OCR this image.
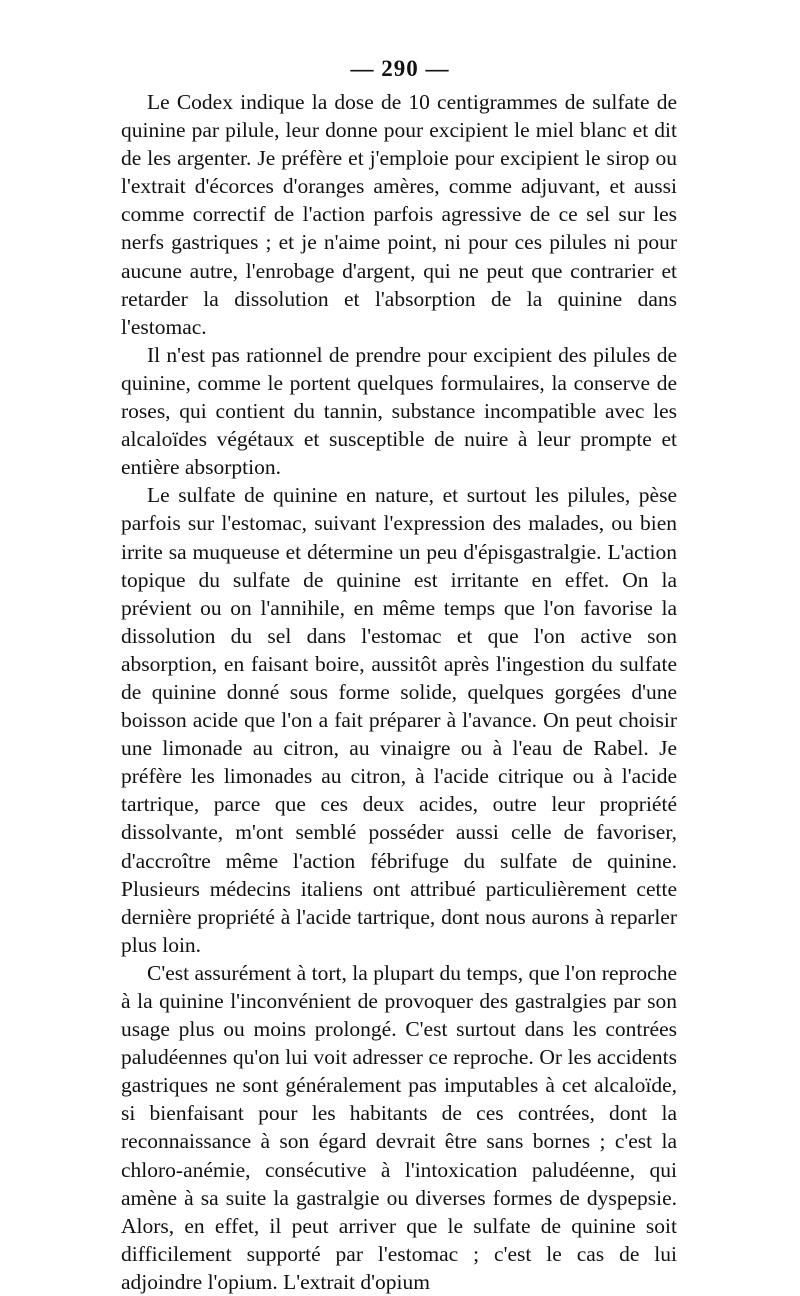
— 290 —

Le Codex indique la dose de 10 centigrammes de sulfate de quinine par pilule, leur donne pour excipient le miel blanc et dit de les argenter. Je préfère et j'emploie pour excipient le sirop ou l'extrait d'écorces d'oranges amères, comme adjuvant, et aussi comme correctif de l'action parfois agressive de ce sel sur les nerfs gastriques ; et je n'aime point, ni pour ces pilules ni pour aucune autre, l'enrobage d'argent, qui ne peut que contrarier et retarder la dissolution et l'absorption de la quinine dans l'estomac.

Il n'est pas rationnel de prendre pour excipient des pilules de quinine, comme le portent quelques formulaires, la conserve de roses, qui contient du tannin, substance incompatible avec les alcaloïdes végétaux et susceptible de nuire à leur prompte et entière absorption.

Le sulfate de quinine en nature, et surtout les pilules, pèse parfois sur l'estomac, suivant l'expression des malades, ou bien irrite sa muqueuse et détermine un peu d'épisgastralgie. L'action topique du sulfate de quinine est irritante en effet. On la prévient ou on l'annihile, en même temps que l'on favorise la dissolution du sel dans l'estomac et que l'on active son absorption, en faisant boire, aussitôt après l'ingestion du sulfate de quinine donné sous forme solide, quelques gorgées d'une boisson acide que l'on a fait préparer à l'avance. On peut choisir une limonade au citron, au vinaigre ou à l'eau de Rabel. Je préfère les limonades au citron, à l'acide citrique ou à l'acide tartrique, parce que ces deux acides, outre leur propriété dissolvante, m'ont semblé posséder aussi celle de favoriser, d'accroître même l'action fébrifuge du sulfate de quinine. Plusieurs médecins italiens ont attribué particulièrement cette dernière propriété à l'acide tartrique, dont nous aurons à reparler plus loin.

C'est assurément à tort, la plupart du temps, que l'on reproche à la quinine l'inconvénient de provoquer des gastralgies par son usage plus ou moins prolongé. C'est surtout dans les contrées paludéennes qu'on lui voit adresser ce reproche. Or les accidents gastriques ne sont généralement pas imputables à cet alcaloïde, si bienfaisant pour les habitants de ces contrées, dont la reconnaissance à son égard devrait être sans bornes ; c'est la chloro-anémie, consécutive à l'intoxication paludéenne, qui amène à sa suite la gastralgie ou diverses formes de dyspepsie. Alors, en effet, il peut arriver que le sulfate de quinine soit difficilement supporté par l'estomac ; c'est le cas de lui adjoindre l'opium. L'extrait d'opium
